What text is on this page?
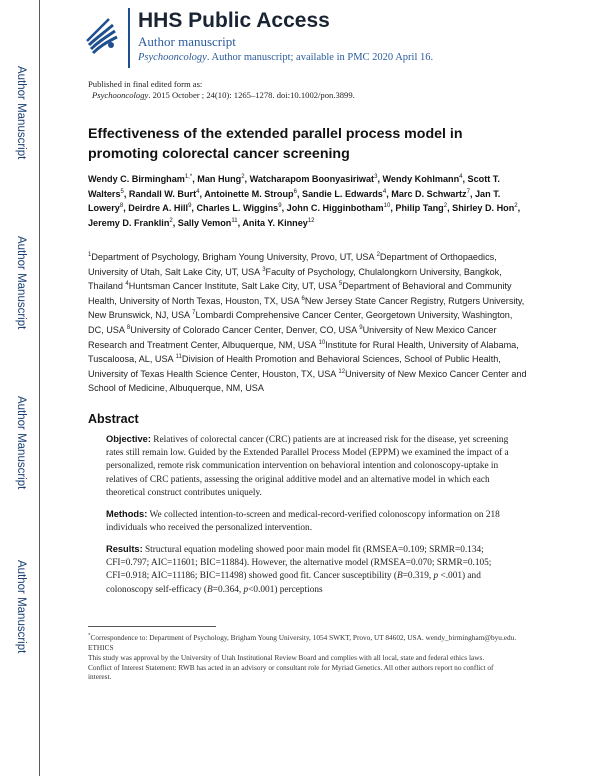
Author Manuscript
Author Manuscript
Author Manuscript
Author Manuscript
HHS Public Access
Author manuscript
Psychooncology. Author manuscript; available in PMC 2020 April 16.
Published in final edited form as:
Psychooncology. 2015 October ; 24(10): 1265–1278. doi:10.1002/pon.3899.
Effectiveness of the extended parallel process model in promoting colorectal cancer screening
Wendy C. Birmingham$^{1,*}$, Man Hung$^2$, Watcharapom Boonyasiriwat$^3$, Wendy Kohlmann$^4$, Scott T. Walters$^5$, Randall W. Burt$^4$, Antoinette M. Stroup$^6$, Sandie L. Edwards$^4$, Marc D. Schwartz$^7$, Jan T. Lowery$^8$, Deirdre A. Hill$^9$, Charles L. Wiggins$^9$, John C. Higginbotham$^{10}$, Philip Tang$^2$, Shirley D. Hon$^2$, Jeremy D. Franklin$^2$, Sally Vemon$^{11}$, Anita Y. Kinney$^{12}$
$^1$Department of Psychology, Brigham Young University, Provo, UT, USA $^2$Department of Orthopaedics, University of Utah, Salt Lake City, UT, USA $^3$Faculty of Psychology, Chulalongkorn University, Bangkok, Thailand $^4$Huntsman Cancer Institute, Salt Lake City, UT, USA $^5$Department of Behavioral and Community Health, University of North Texas, Houston, TX, USA $^6$New Jersey State Cancer Registry, Rutgers University, New Brunswick, NJ, USA $^7$Lombardi Comprehensive Cancer Center, Georgetown University, Washington, DC, USA $^8$University of Colorado Cancer Center, Denver, CO, USA $^9$University of New Mexico Cancer Research and Treatment Center, Albuquerque, NM, USA $^{10}$Institute for Rural Health, University of Alabama, Tuscaloosa, AL, USA $^{11}$Division of Health Promotion and Behavioral Sciences, School of Public Health, University of Texas Health Science Center, Houston, TX, USA $^{12}$University of New Mexico Cancer Center and School of Medicine, Albuquerque, NM, USA
Abstract
Objective: Relatives of colorectal cancer (CRC) patients are at increased risk for the disease, yet screening rates still remain low. Guided by the Extended Parallel Process Model (EPPM) we examined the impact of a personalized, remote risk communication intervention on behavioral intention and colonoscopy-uptake in relatives of CRC patients, assessing the original additive model and an alternative model in which each theoretical construct contributes uniquely.
Methods: We collected intention-to-screen and medical-record-verified colonoscopy information on 218 individuals who received the personalized intervention.
Results: Structural equation modeling showed poor main model fit (RMSEA=0.109; SRMR=0.134; CFI=0.797; AIC=11601; BIC=11884). However, the alternative model (RMSEA=0.070; SRMR=0.105; CFI=0.918; AIC=11186; BIC=11498) showed good fit. Cancer susceptibility (B=0.319, p <.001) and colonoscopy self-efficacy (B=0.364, p<0.001) perceptions
*Correspondence to: Department of Psychology, Brigham Young University, 1054 SWKT, Provo, UT 84602, USA. wendy_birmingham@byu.edu.
ETHICS
This study was approval by the University of Utah Institutional Review Board and complies with all local, state and federal ethics laws.
Conflict of Interest Statement: RWB has acted in an advisory or consultant role for Myriad Genetics. All other authors report no conflict of interest.
